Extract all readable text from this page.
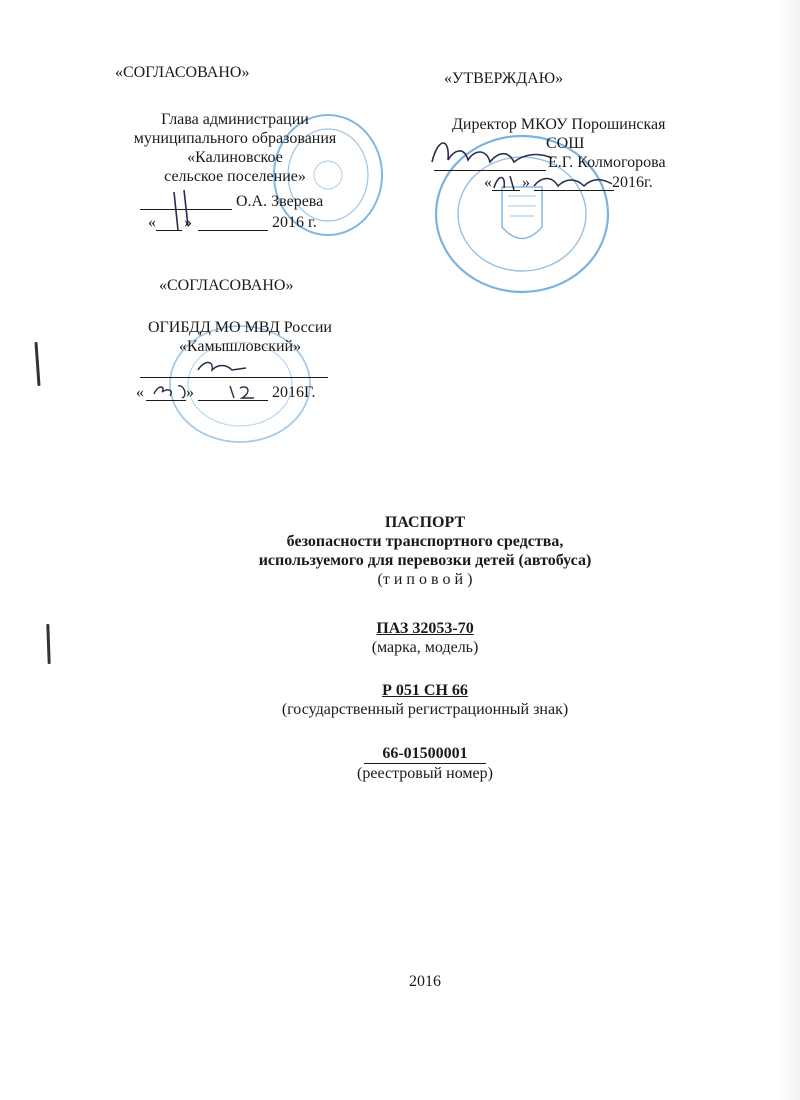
«СОГЛАСОВАНО»
Глава администрации
муниципального образования
«Калиновское
сельское поселение»
О.А. Зверева
« »	2016 г.
«УТВЕРЖДАЮ»
Директор МКОУ Порошинская
СОШ
Е.Г. Колмогорова
« »	2016г.
«СОГЛАСОВАНО»
ОГИБДД МО МВД России
«Камышловский»
«	»	2016Г.
ПАСПОРТ
безопасности транспортного средства,
используемого для перевозки детей (автобуса)
(т и п о в о й )
ПАЗ 32053-70
(марка, модель)
Р 051 СН 66
(государственный регистрационный знак)
66-01500001
(реестровый номер)
2016
